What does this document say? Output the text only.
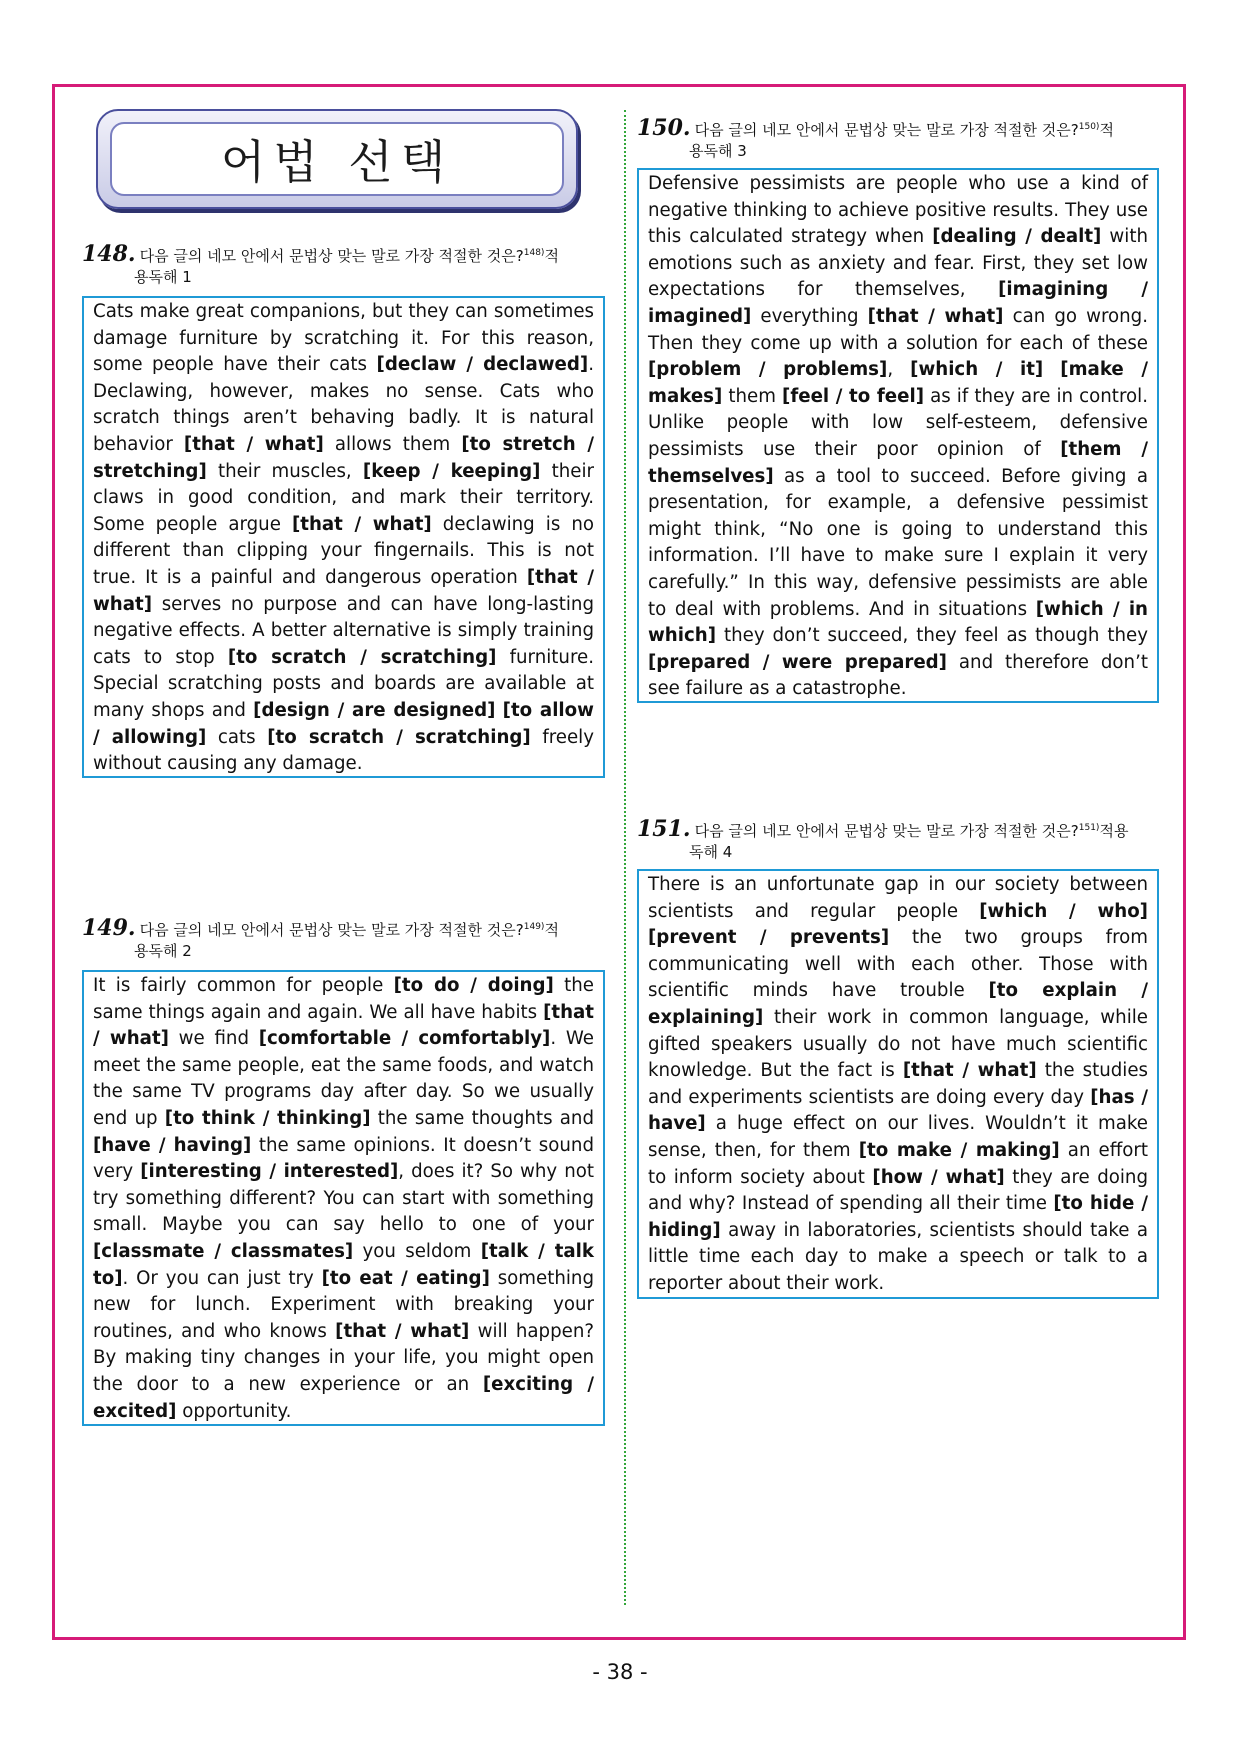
어법 선택
148. 다음 글의 네모 안에서 문법상 맞는 말로 가장 적절한 것은?$^{148)}$적
용독해 1
Cats make great companions, but they can sometimes damage furniture by scratching it. For this reason, some people have their cats [declaw / declawed]. Declawing, however, makes no sense. Cats who scratch things aren’t behaving badly. It is natural behavior [that / what] allows them [to stretch / stretching] their muscles, [keep / keeping] their claws in good condition, and mark their territory. Some people argue [that / what] declawing is no different than clipping your fingernails. This is not true. It is a painful and dangerous operation [that / what] serves no purpose and can have long-lasting negative effects. A better alternative is simply training cats to stop [to scratch / scratching] furniture. Special scratching posts and boards are available at many shops and [design / are designed] [to allow / allowing] cats [to scratch / scratching] freely without causing any damage.
149. 다음 글의 네모 안에서 문법상 맞는 말로 가장 적절한 것은?$^{149)}$적
용독해 2
It is fairly common for people [to do / doing] the same things again and again. We all have habits [that / what] we find [comfortable / comfortably]. We meet the same people, eat the same foods, and watch the same TV programs day after day. So we usually end up [to think / thinking] the same thoughts and [have / having] the same opinions. It doesn’t sound very [interesting / interested], does it? So why not try something different? You can start with something small. Maybe you can say hello to one of your [classmate / classmates] you seldom [talk / talk to]. Or you can just try [to eat / eating] something new for lunch. Experiment with breaking your routines, and who knows [that / what] will happen? By making tiny changes in your life, you might open the door to a new experience or an [exciting / excited] opportunity.
150. 다음 글의 네모 안에서 문법상 맞는 말로 가장 적절한 것은?$^{150)}$적
용독해 3
Defensive pessimists are people who use a kind of negative thinking to achieve positive results. They use this calculated strategy when [dealing / dealt] with emotions such as anxiety and fear. First, they set low expectations for themselves, [imagining / imagined] everything [that / what] can go wrong. Then they come up with a solution for each of these [problem / problems], [which / it] [make / makes] them [feel / to feel] as if they are in control. Unlike people with low self-esteem, defensive pessimists use their poor opinion of [them / themselves] as a tool to succeed. Before giving a presentation, for example, a defensive pessimist might think, “No one is going to understand this information. I’ll have to make sure I explain it very carefully.” In this way, defensive pessimists are able to deal with problems. And in situations [which / in which] they don’t succeed, they feel as though they [prepared / were prepared] and therefore don’t see failure as a catastrophe.
151. 다음 글의 네모 안에서 문법상 맞는 말로 가장 적절한 것은?$^{151)}$적용
독해 4
There is an unfortunate gap in our society between scientists and regular people [which / who] [prevent / prevents] the two groups from communicating well with each other. Those with scientific minds have trouble [to explain / explaining] their work in common language, while gifted speakers usually do not have much scientific knowledge. But the fact is [that / what] the studies and experiments scientists are doing every day [has / have] a huge effect on our lives. Wouldn’t it make sense, then, for them [to make / making] an effort to inform society about [how / what] they are doing and why? Instead of spending all their time [to hide / hiding] away in laboratories, scientists should take a little time each day to make a speech or talk to a reporter about their work.
- 38 -
